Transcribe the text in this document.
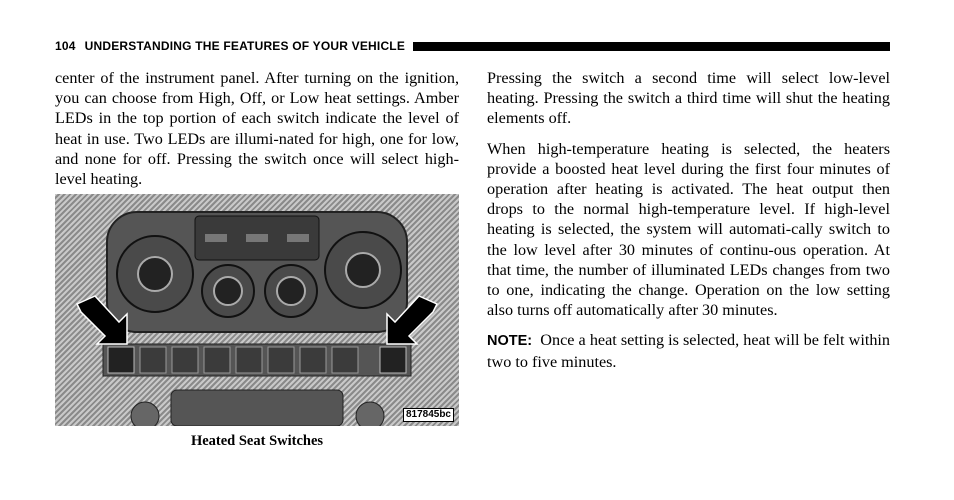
104 UNDERSTANDING THE FEATURES OF YOUR VEHICLE

center of the instrument panel. After turning on the ignition, you can choose from High, Off, or Low heat settings. Amber LEDs in the top portion of each switch indicate the level of heat in use. Two LEDs are illumi-nated for high, one for low, and none for off. Pressing the switch once will select high-level heating.

817845bc
Heated Seat Switches

Pressing the switch a second time will select low-level heating. Pressing the switch a third time will shut the heating elements off.

When high-temperature heating is selected, the heaters provide a boosted heat level during the first four minutes of operation after heating is activated. The heat output then drops to the normal high-temperature level. If high-level heating is selected, the system will automati-cally switch to the low level after 30 minutes of continu-ous operation. At that time, the number of illuminated LEDs changes from two to one, indicating the change. Operation on the low setting also turns off automatically after 30 minutes.

NOTE: Once a heat setting is selected, heat will be felt within two to five minutes.
